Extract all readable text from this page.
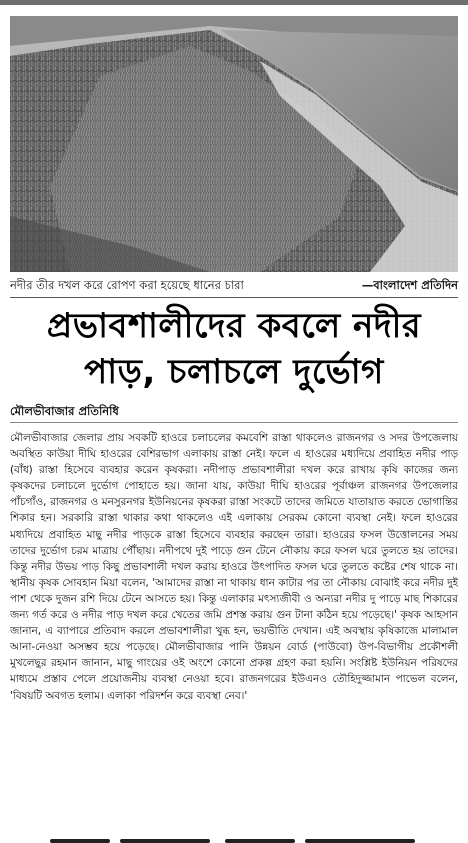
নদীর তীর দখল করে রোপণ করা হয়েছে ধানের চারা	—বাংলাদেশ প্রতিদিন
প্রভাবশালীদের কবলে নদীর
পাড়, চলাচলে দুর্ভোগ
মৌলভীবাজার প্রতিনিধি
মৌলভীবাজার জেলার প্রায় সবকটি হাওরে চলাচলের কমবেশি রাস্তা থাকলেও রাজনগর ও সদর উপজেলায় অবস্থিত কাউয়া দীঘি হাওরের বেশিরভাগ এলাকায় রাস্তা নেই। ফলে এ হাওরের মধ্যদিয়ে প্রবাহিত নদীর পাড় (বাঁধ) রাস্তা হিসেবে ব্যবহার করেন কৃষকরা। নদীপাড় প্রভাবশালীরা দখল করে রাখায় কৃষি কাজের জন্য কৃষকদের চলাচলে দুর্ভোগ পোহাতে হয়। জানা যায়, কাউয়া দীঘি হাওরের পূর্বাঞ্চল রাজনগর উপজেলার পাঁচগাঁও, রাজনগর ও মনসুরনগর ইউনিয়নের কৃষকরা রাস্তা সংকটে তাদের জমিতে যাতায়াত করতে ভোগান্তির শিকার হন। সরকারি রাস্তা থাকার কথা থাকলেও এই এলাকায় সেরকম কোনো ব্যবস্থা নেই। ফলে হাওরের মধ্যদিয়ে প্রবাহিত মাছু নদীর পাড়কে রাস্তা হিসেবে ব্যবহার করছেন তারা। হাওরের ফসল উত্তোলনের সময় তাদের দুর্ভোগ চরম মাত্রায় পৌঁছায়। নদীপথে দুই পাড়ে গুন টেনে নৌকায় করে ফসল ঘরে তুলতে হয় তাদের। কিন্তু নদীর উভয় পাড় কিছু প্রভাবশালী দখল করায় হাওরে উৎপাদিত ফসল ঘরে তুলতে কষ্টের শেষ থাকে না। স্থানীয় কৃষক সোবহান মিয়া বলেন, 'আমাদের রাস্তা না থাকায় ধান কাটার পর তা নৌকায় বোঝাই করে নদীর দুই পাশ থেকে দুজন রশি দিয়ে টেনে আসতে হয়। কিন্তু এলাকার মৎস্যজীবী ও অন্যরা নদীর দু পাড়ে মাছ শিকারের জন্য গর্ত করে ও নদীর পাড় দখল করে খেতের জমি প্রশস্ত করায় গুন টানা কঠিন হয়ে পড়েছে।' কৃষক আহসান জানান, এ ব্যাপারে প্রতিবাদ করলে প্রভাবশালীরা খুব্ধ হন, ভয়ভীতি দেখান। এই অবস্থায় কৃষিকাজে মালামাল আনা-নেওয়া অসম্ভব হয়ে পড়েছে। মৌলভীবাজার পানি উন্নয়ন বোর্ড (পাউবো) উপ-বিভাগীয় প্রকৌশলী মুখলেছুর রহমান জানান, মাছু গাংয়ের ওই অংশে কোনো প্রকল্প গ্রহণ করা হয়নি। সংশ্লিষ্ট ইউনিয়ন পরিষদের মাধ্যমে প্রস্তাব পেলে প্রয়োজনীয় ব্যবস্থা নেওয়া হবে। রাজনগরের ইউএনও তৌহিদুজ্জামান পাভেল বলেন, 'বিষয়টি অবগত হলাম। এলাকা পরিদর্শন করে ব্যবস্থা নেব।'
